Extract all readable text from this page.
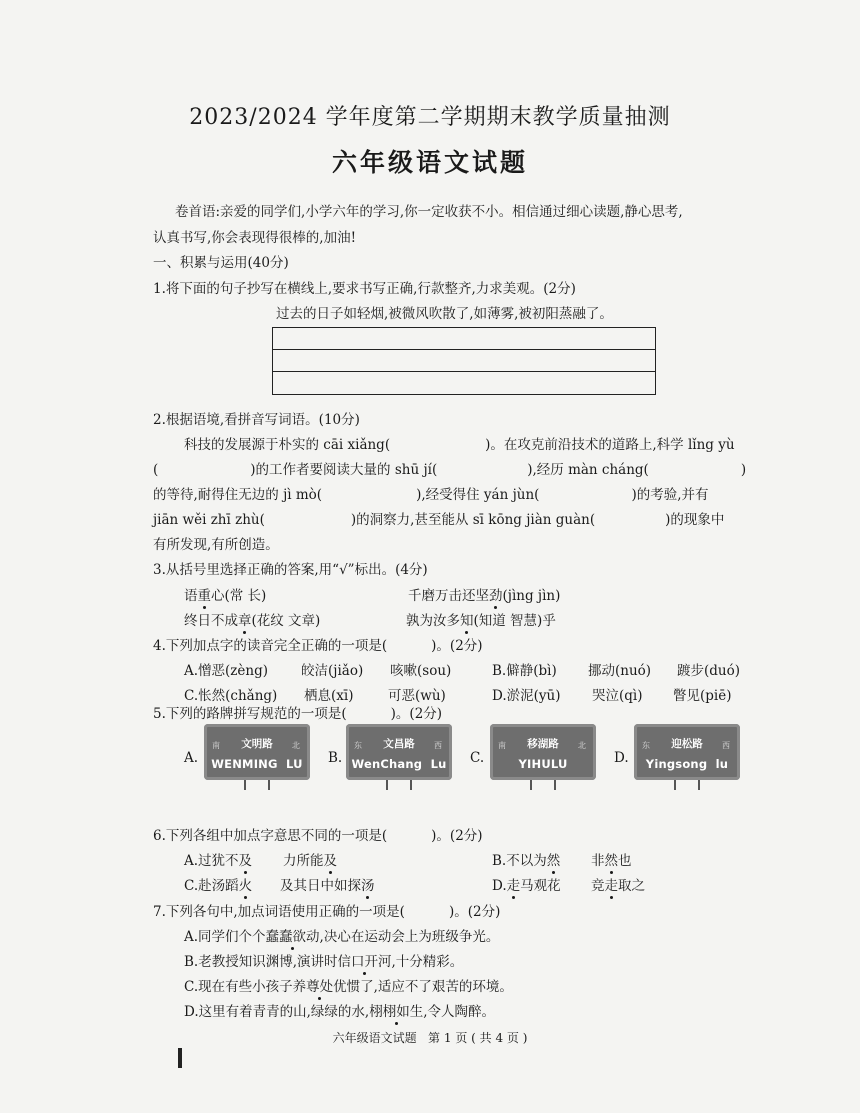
2023/2024 学年度第二学期期末教学质量抽测
六年级语文试题
卷首语:亲爱的同学们,小学六年的学习,你一定收获不小。相信通过细心读题,静心思考,
认真书写,你会表现得很棒的,加油!
一、积累与运用(40分)
1.将下面的句子抄写在横线上,要求书写正确,行款整齐,力求美观。(2分)
过去的日子如轻烟,被微风吹散了,如薄雾,被初阳蒸融了。
2.根据语境,看拼音写词语。(10分)
科技的发展源于朴实的 cāi xiǎng(	)。在攻克前沿技术的道路上,科学 lǐng yù
(	)的工作者要阅读大量的 shū jí(	),经历 màn cháng(	)
的等待,耐得住无边的 jì mò(	),经受得住 yán jùn(	)的考验,并有
jiān wěi zhī zhù(	)的洞察力,甚至能从 sī kōng jiàn guàn(	)的现象中
有所发现,有所创造。
3.从括号里选择正确的答案,用“√”标出。(4分)
语重心(常 长)	千磨万击还坚劲(jìng jìn)
终日不成章(花纹 文章)	孰为汝多知(知道 智慧)乎
4.下列加点字的读音完全正确的一项是(	)。(2分)
A.憎恶(zèng) 皎洁(jiǎo) 咳嗽(sou)	B.僻静(bì) 挪动(nuó) 踱步(duó)
C.怅然(chǎng) 栖息(xī)	可恶(wù)	D.淤泥(yū) 哭泣(qì) 瞥见(piē)
5.下列的路牌拼写规范的一项是(	)。(2分)
A.
南	文明路	北
WENMING  LU	B.
东	文昌路	西
WenChang  Lu	C.
南	移湖路	北
YIHULU	D.
东	迎松路	西
Yingsong  lu
6.下列各组中加点字意思不同的一项是(	)。(2分)
A.过犹不及 力所能及	B.不以为然 非然也
C.赴汤蹈火 及其日中如探汤	D.走马观花 竞走取之
7.下列各句中,加点词语使用正确的一项是(	)。(2分)
A.同学们个个蠢蠢欲动,决心在运动会上为班级争光。
B.老教授知识渊博,演讲时信口开河,十分精彩。
C.现在有些小孩子养尊处优惯了,适应不了艰苦的环境。
D.这里有着青青的山,绿绿的水,栩栩如生,令人陶醉。
六年级语文试题   第 1 页 ( 共 4 页 )
